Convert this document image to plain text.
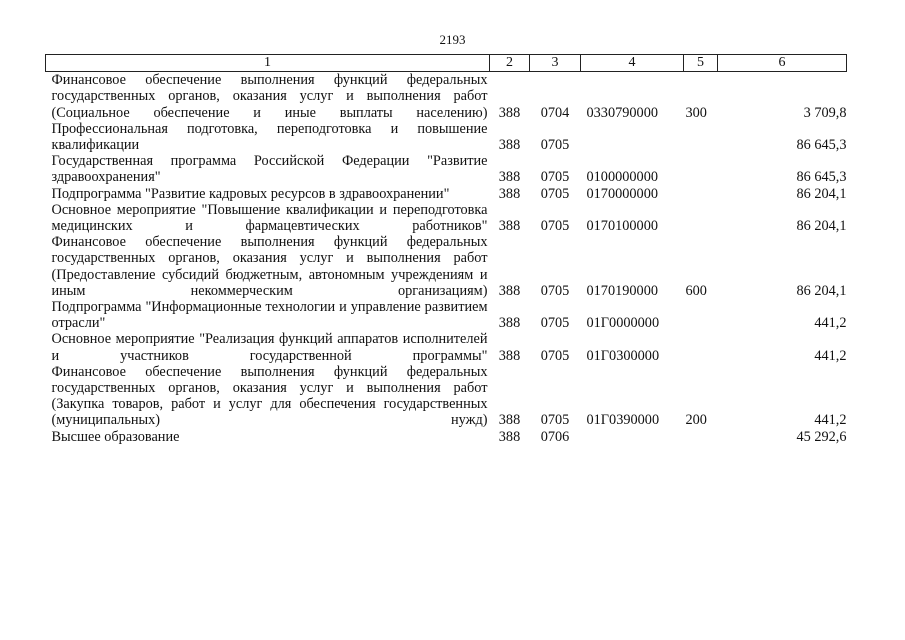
2193
1	2	3	4	5	6
Финансовое обеспечение выполнения функций федеральных государственных органов, оказания услуг и выполнения работ (Социальное обеспечение и иные выплаты населению)	388	0704	0330790000	300	3 709,8
Профессиональная подготовка, переподготовка и повышение квалификации	388	0705			86 645,3
Государственная программа Российской Федерации "Развитие здравоохранения"	388	0705	0100000000		86 645,3
Подпрограмма "Развитие кадровых ресурсов в здравоохранении"	388	0705	0170000000		86 204,1
Основное мероприятие "Повышение квалификации и переподготовка медицинских и фармацевтических работников"	388	0705	0170100000		86 204,1
Финансовое обеспечение выполнения функций федеральных государственных органов, оказания услуг и выполнения работ (Предоставление субсидий бюджетным, автономным учреждениям и иным некоммерческим организациям)	388	0705	0170190000	600	86 204,1
Подпрограмма "Информационные технологии и управление развитием отрасли"	388	0705	01Г0000000		441,2
Основное мероприятие "Реализация функций аппаратов исполнителей и участников государственной программы"	388	0705	01Г0300000		441,2
Финансовое обеспечение выполнения функций федеральных государственных органов, оказания услуг и выполнения работ (Закупка товаров, работ и услуг для обеспечения государственных (муниципальных) нужд)	388	0705	01Г0390000	200	441,2
Высшее образование	388	0706			45 292,6
